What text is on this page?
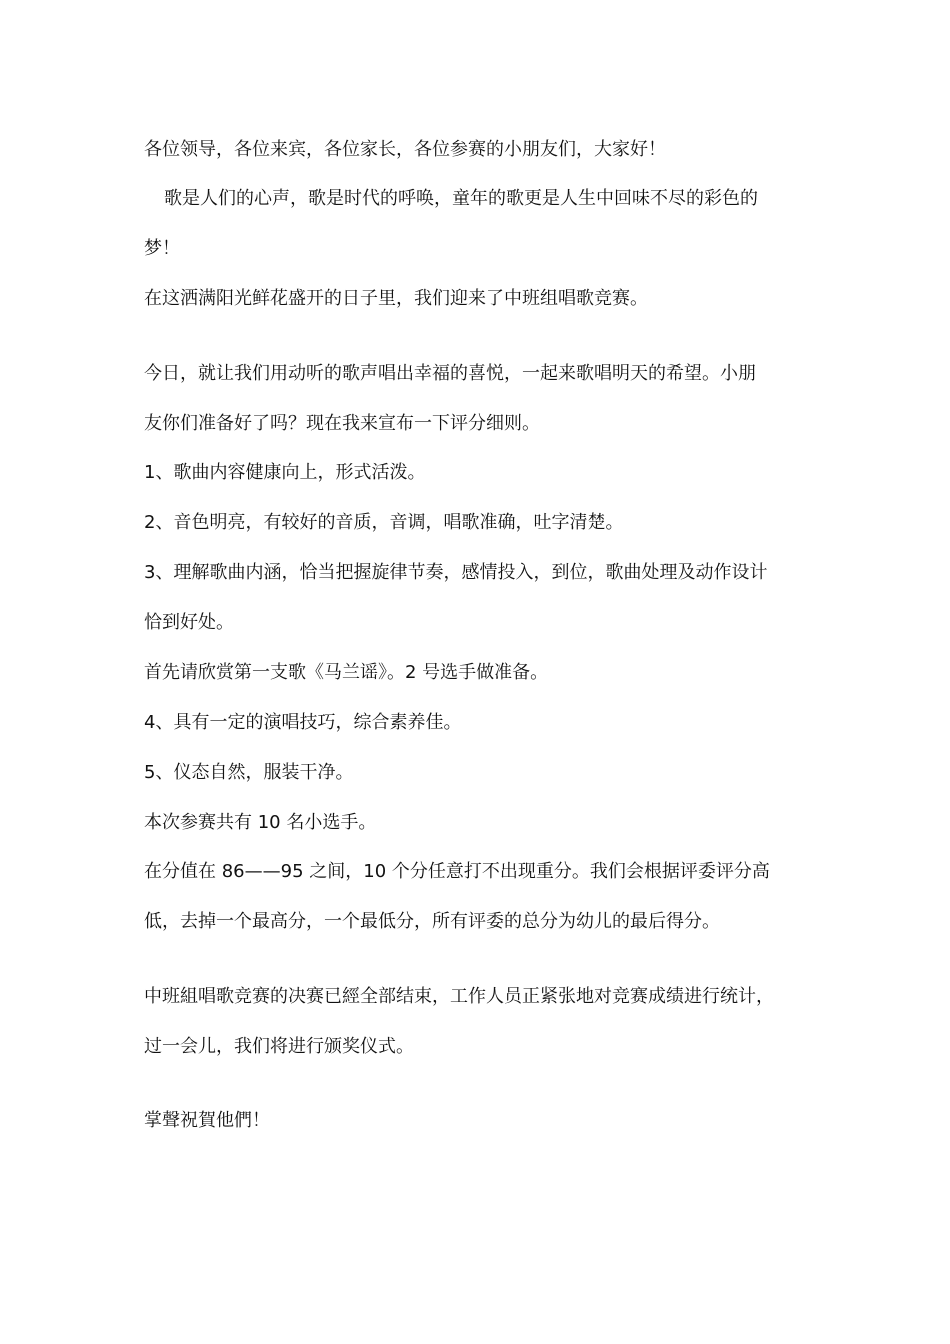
各位领导，各位来宾，各位家长，各位参赛的小朋友们，大家好！
歌是人们的心声，歌是时代的呼唤，童年的歌更是人生中回味不尽的彩色的
梦！
在这洒满阳光鲜花盛开的日子里，我们迎来了中班组唱歌竞赛。
今日，就让我们用动听的歌声唱出幸福的喜悦，一起来歌唱明天的希望。小朋
友你们准备好了吗？现在我来宣布一下评分细则。
1、歌曲内容健康向上，形式活泼。
2、音色明亮，有较好的音质，音调，唱歌准确，吐字清楚。
3、理解歌曲内涵，恰当把握旋律节奏，感情投入，到位，歌曲处理及动作设计
恰到好处。
首先请欣赏第一支歌《马兰谣》。2 号选手做准备。
4、具有一定的演唱技巧，综合素养佳。
5、仪态自然，服装干净。
本次参赛共有 10 名小选手。
在分值在 86——95 之间，10 个分任意打不出现重分。我们会根据评委评分高
低，去掉一个最高分，一个最低分，所有评委的总分为幼儿的最后得分。
中班組唱歌竞赛的决赛已經全部结束，工作人员正紧张地对竞赛成绩进行统计，
过一会儿，我们将进行颁奖仪式。
掌聲祝賀他們！
